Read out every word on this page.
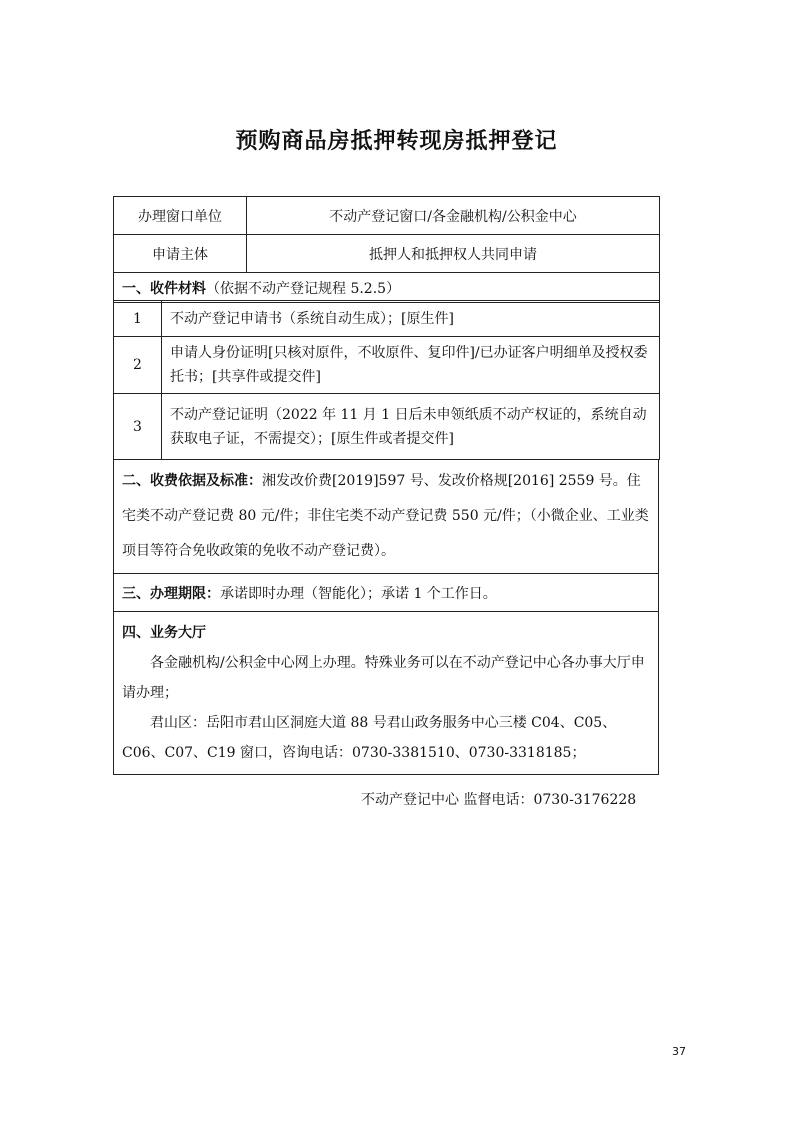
预购商品房抵押转现房抵押登记
办理窗口单位	不动产登记窗口/各金融机构/公积金中心
申请主体	抵押人和抵押权人共同申请
一、收件材料（依据不动产登记规程 5.2.5）	
1	不动产登记申请书（系统自动生成）；[原生件]
2	申请人身份证明[只核对原件，不收原件、复印件]/已办证客户明细单及授权委托书；[共享件或提交件]
3	不动产登记证明（2022 年 11 月 1 日后未申领纸质不动产权证的，系统自动获取电子证，不需提交）；[原生件或者提交件]
二、收费依据及标准：湘发改价费[2019]597 号、发改价格规[2016] 2559 号。住宅类不动产登记费 80 元/件；非住宅类不动产登记费 550 元/件；（小微企业、工业类项目等符合免收政策的免收不动产登记费）。
三、办理期限：承诺即时办理（智能化）；承诺 1 个工作日。

四、业务大厅
各金融机构/公积金中心网上办理。特殊业务可以在不动产登记中心各办事大厅申请办理；
君山区：岳阳市君山区洞庭大道 88 号君山政务服务中心三楼 C04、C05、C06、C07、C19 窗口，咨询电话：0730-3381510、0730-3318185；
不动产登记中心 监督电话：0730-3176228
37
